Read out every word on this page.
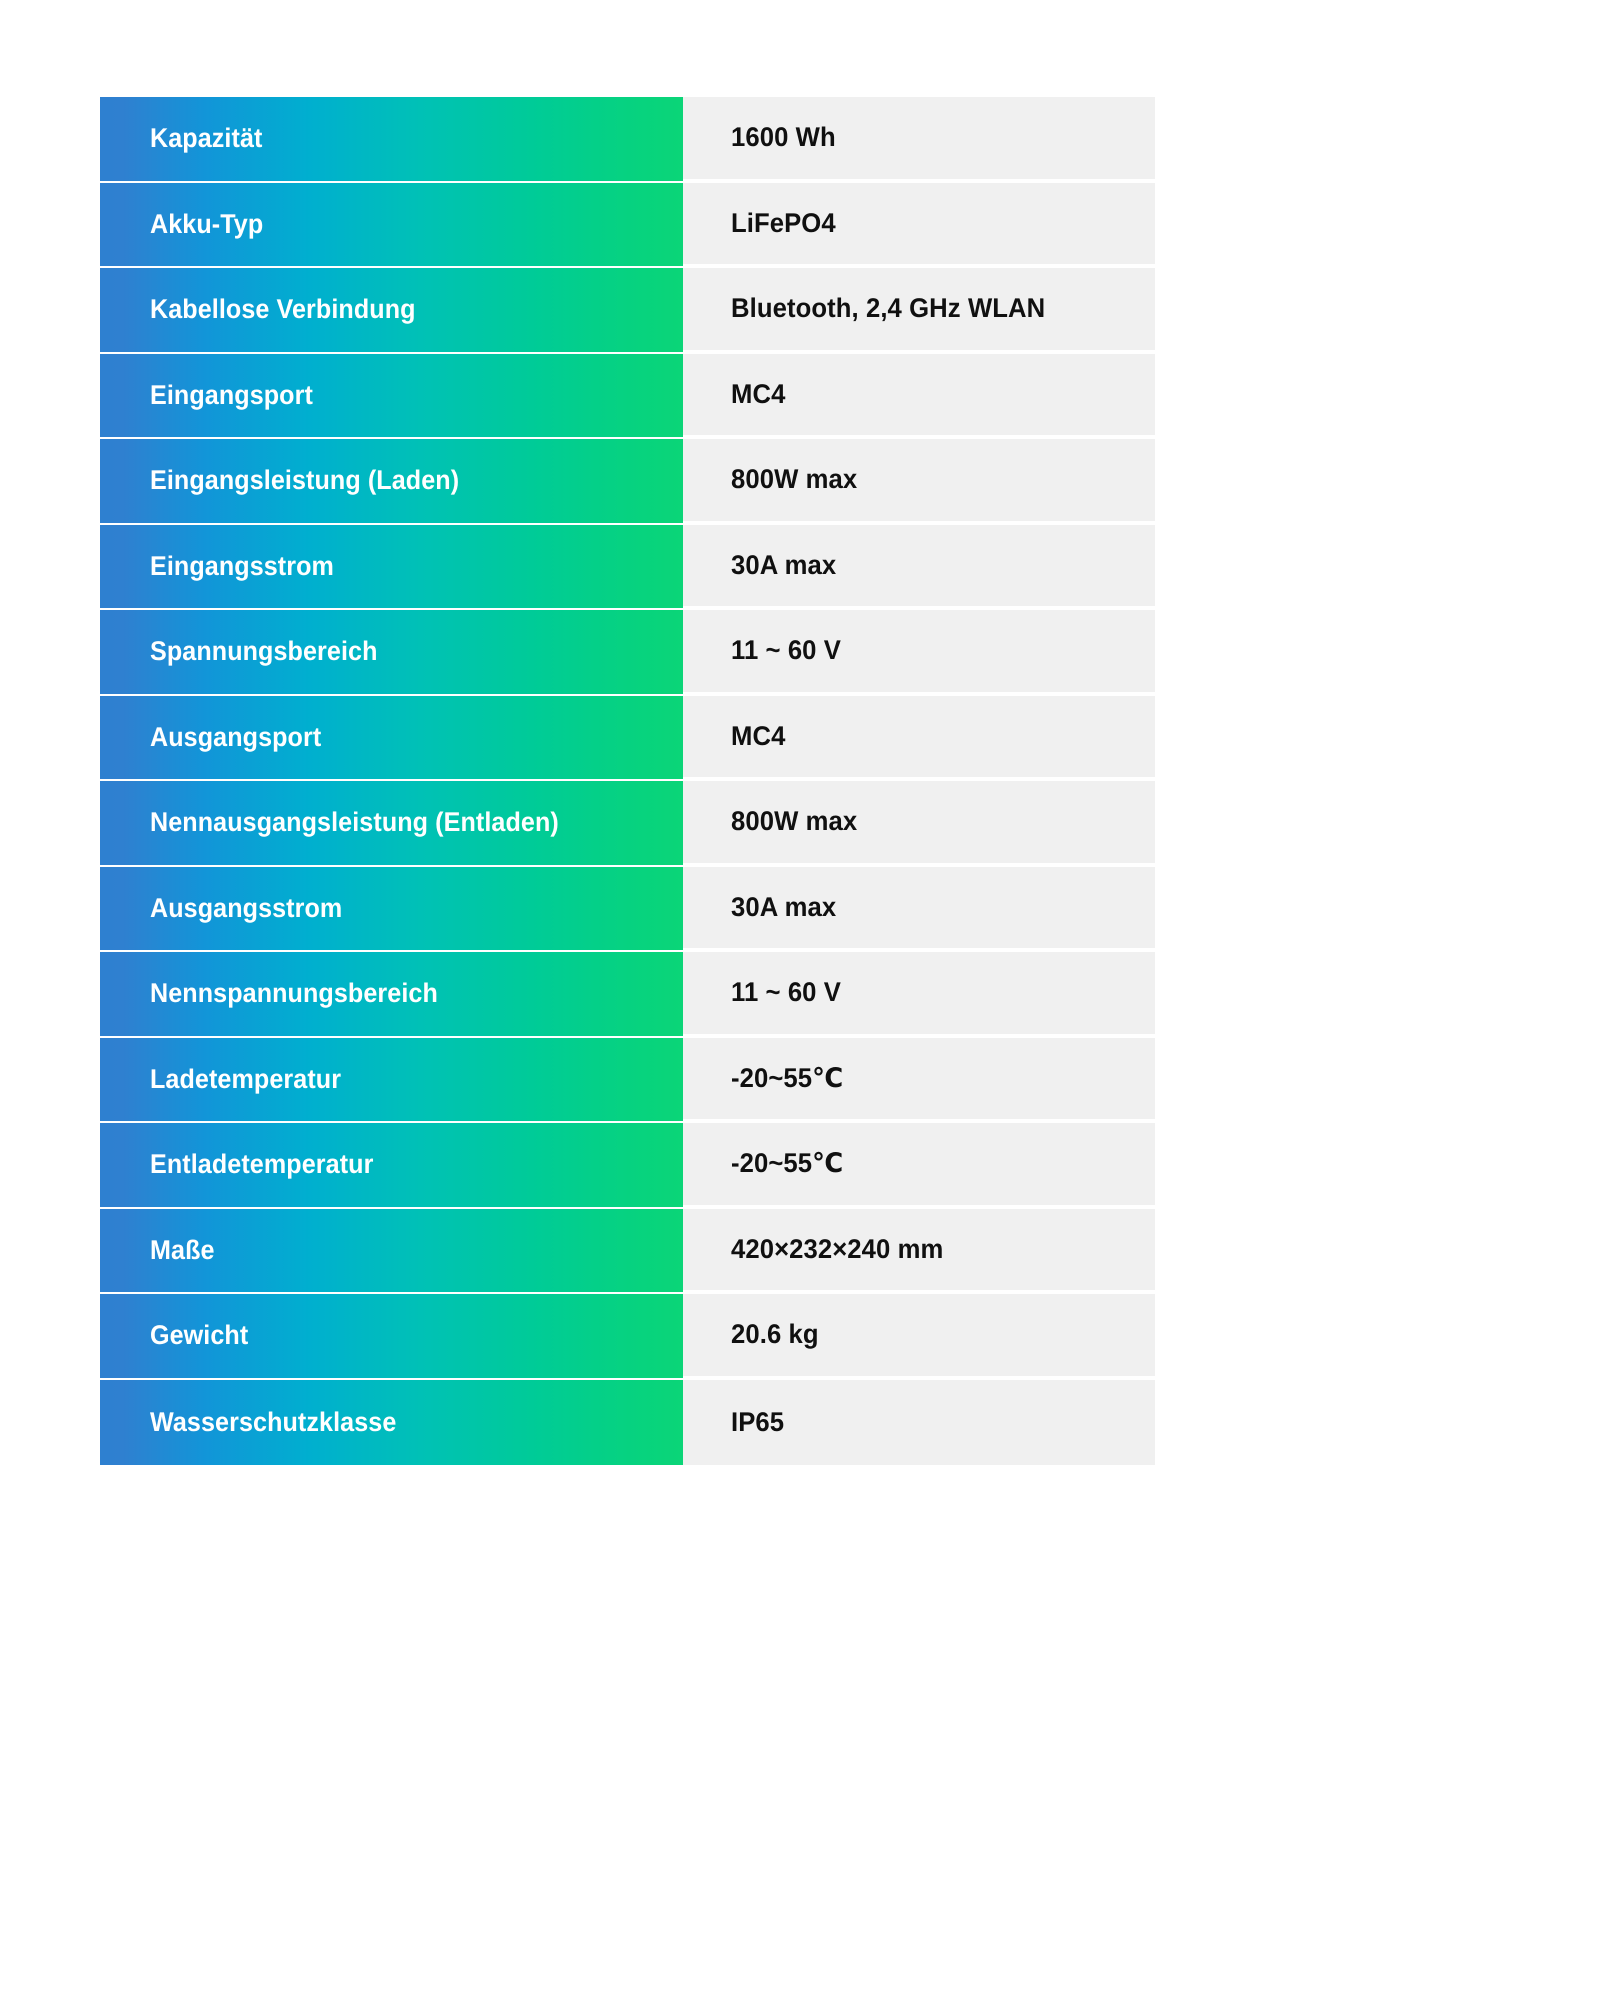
Kapazität	1600 Wh
Akku-Typ	LiFePO4
Kabellose Verbindung	Bluetooth, 2,4 GHz WLAN
Eingangsport	MC4
Eingangsleistung (Laden)	800W max
Eingangsstrom	30A max
Spannungsbereich	11 ~ 60 V
Ausgangsport	MC4
Nennausgangsleistung (Entladen)	800W max
Ausgangsstrom	30A max
Nennspannungsbereich	11 ~ 60 V
Ladetemperatur	-20~55℃
Entladetemperatur	-20~55℃
Maße	420×232×240 mm
Gewicht	20.6 kg
Wasserschutzklasse	IP65
